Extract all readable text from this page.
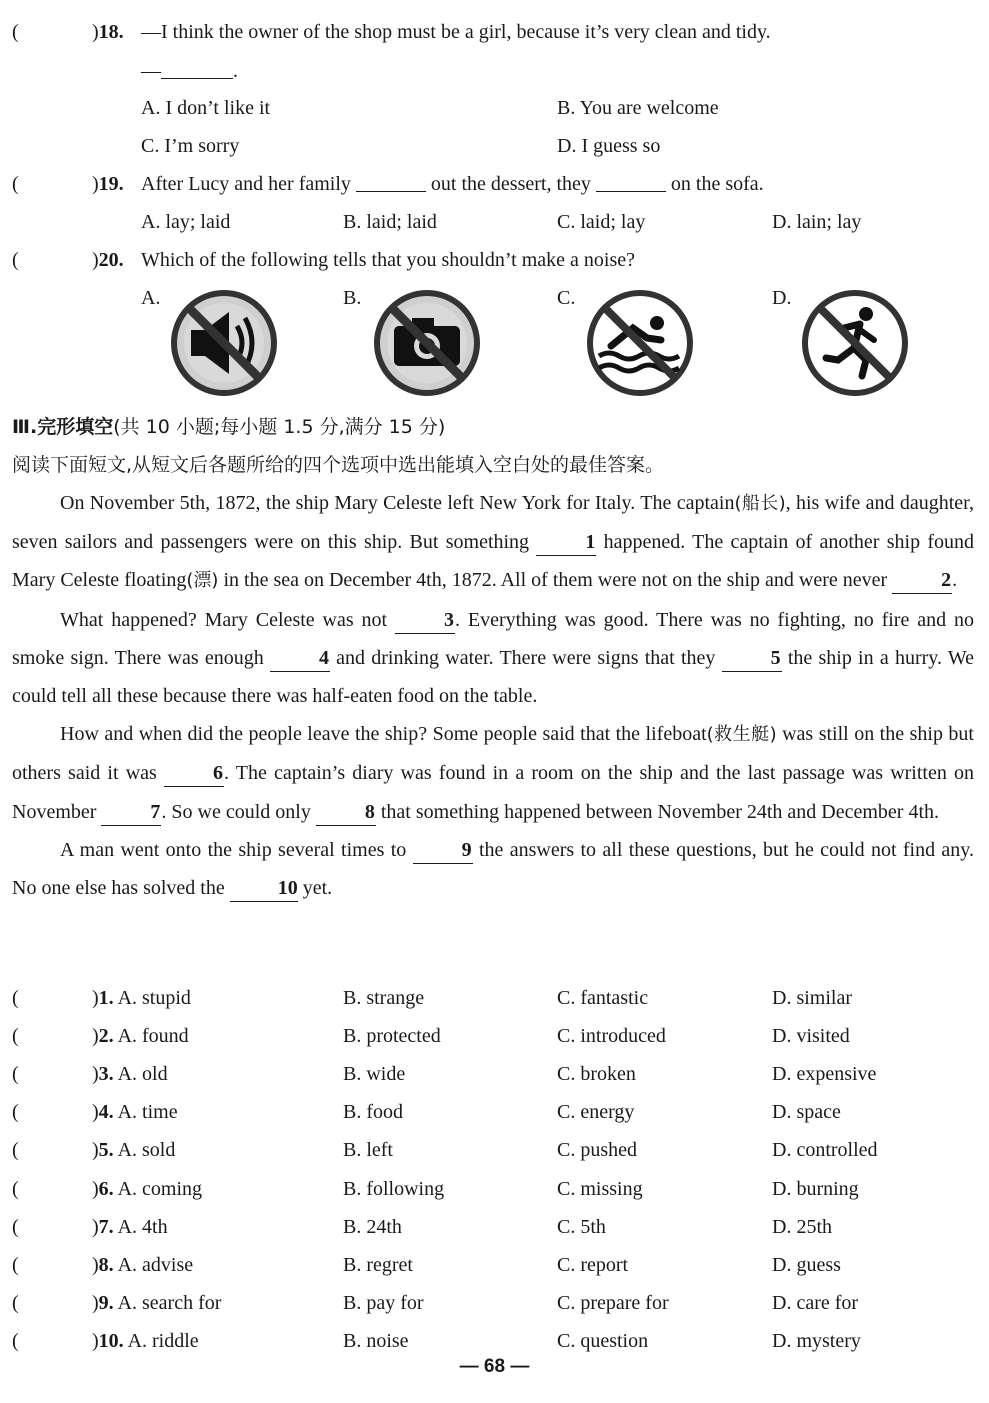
(	)18. —I think the owner of the shop must be a girl, because it’s very clean and tidy.
—	.
A. I don’t like it	B. You are welcome
C. I’m sorry	D. I guess so
(	)19. After Lucy and her family	out the dessert, they	on the sofa.
A. lay; laid	B. laid; laid	C. laid; lay	D. lain; lay
(	)20. Which of the following tells that you shouldn’t make a noise?
A.	B.	C.	D.
Ⅲ.完形填空(共 10 小题;每小题 1.5 分,满分 15 分)
阅读下面短文,从短文后各题所给的四个选项中选出能填入空白处的最佳答案。

On November 5th, 1872, the ship Mary Celeste left New York for Italy. The captain(船长), his wife and daughter, seven sailors and passengers were on this ship. But something 1 happened. The captain of another ship found Mary Celeste floating(漂) in the sea on December 4th, 1872. All of them were not on the ship and were never 2.

What happened? Mary Celeste was not 3. Everything was good. There was no fighting, no fire and no smoke sign. There was enough 4 and drinking water. There were signs that they 5 the ship in a hurry. We could tell all these because there was half-eaten food on the table.

How and when did the people leave the ship? Some people said that the lifeboat(救生艇) was still on the ship but others said it was 6. The captain’s diary was found in a room on the ship and the last passage was written on November 7. So we could only 8 that something happened between November 24th and December 4th.

A man went onto the ship several times to 9 the answers to all these questions, but he could not find any. No one else has solved the 10 yet.

(	)1. A. stupid	B. strange	C. fantastic	D. similar
(	)2. A. found	B. protected	C. introduced	D. visited
(	)3. A. old	B. wide	C. broken	D. expensive
(	)4. A. time	B. food	C. energy	D. space
(	)5. A. sold	B. left	C. pushed	D. controlled
(	)6. A. coming	B. following	C. missing	D. burning
(	)7. A. 4th	B. 24th	C. 5th	D. 25th
(	)8. A. advise	B. regret	C. report	D. guess
(	)9. A. search for	B. pay for	C. prepare for	D. care for
(	)10. A. riddle	B. noise	C. question	D. mystery
— 68 —
